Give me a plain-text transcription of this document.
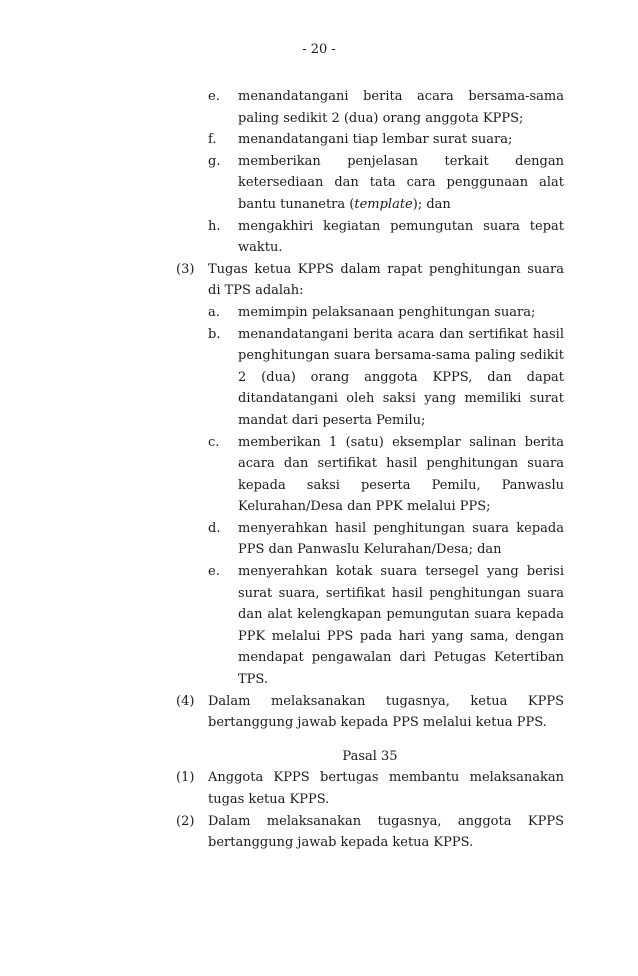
- 20 -
e.	menandatangani berita acara bersama-sama paling sedikit 2 (dua) orang anggota KPPS;
f.	menandatangani tiap lembar surat suara;
g.	memberikan penjelasan terkait dengan ketersediaan dan tata cara penggunaan alat bantu tunanetra (template); dan
h.	mengakhiri kegiatan pemungutan suara tepat waktu.
(3)	Tugas ketua KPPS dalam rapat penghitungan suara di TPS adalah:
a.	memimpin pelaksanaan penghitungan suara;
b.	menandatangani berita acara dan sertifikat hasil penghitungan suara bersama-sama paling sedikit 2 (dua) orang anggota KPPS, dan dapat ditandatangani oleh saksi yang memiliki surat mandat dari peserta Pemilu;
c.	memberikan 1 (satu) eksemplar salinan berita acara dan sertifikat hasil penghitungan suara kepada saksi peserta Pemilu, Panwaslu Kelurahan/Desa dan PPK melalui PPS;
d.	menyerahkan hasil penghitungan suara kepada PPS dan Panwaslu Kelurahan/Desa; dan
e.	menyerahkan kotak suara tersegel yang berisi surat suara, sertifikat hasil penghitungan suara dan alat kelengkapan pemungutan suara kepada PPK melalui PPS pada hari yang sama, dengan mendapat pengawalan dari Petugas Ketertiban TPS.
(4)	Dalam melaksanakan tugasnya, ketua KPPS
bertanggung jawab kepada PPS melalui ketua PPS.
Pasal 35
(1)	Anggota KPPS bertugas membantu melaksanakan
tugas ketua KPPS.
(2)	Dalam melaksanakan tugasnya, anggota KPPS
bertanggung jawab kepada ketua KPPS.
